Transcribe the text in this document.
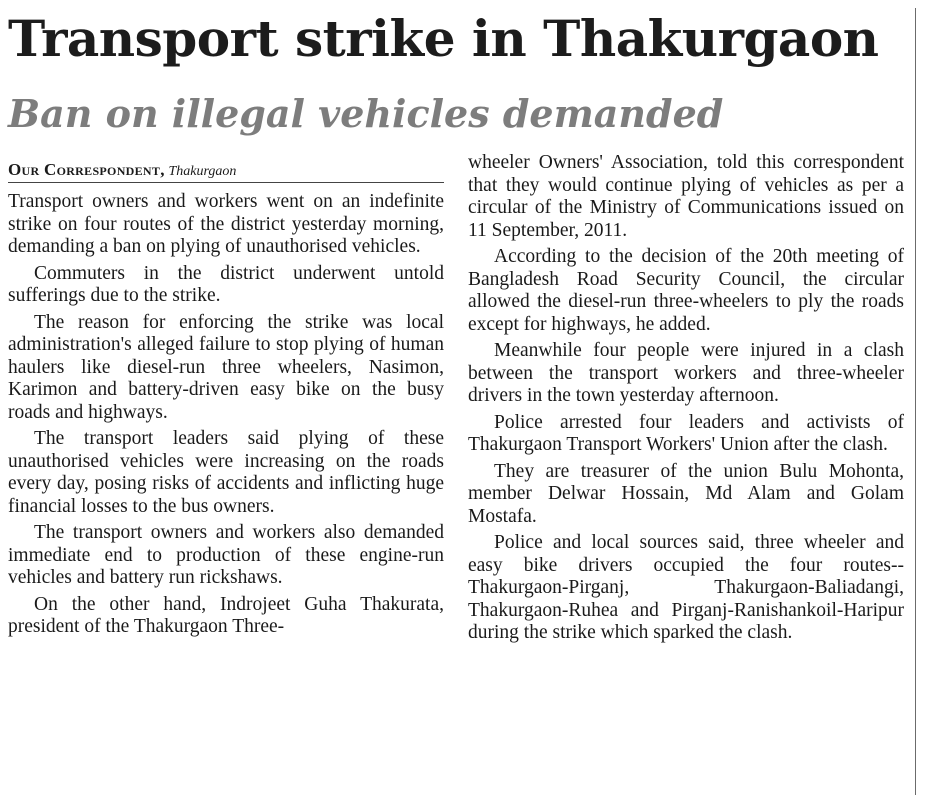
Transport strike in Thakurgaon
Ban on illegal vehicles demanded
Our Correspondent, Thakurgaon

Transport owners and workers went on an indefinite strike on four routes of the district yesterday morning, demanding a ban on plying of unauthorised vehicles.

Commuters in the district underwent untold sufferings due to the strike.

The reason for enforcing the strike was local administration's alleged failure to stop plying of human haulers like diesel-run three wheelers, Nasimon, Karimon and battery-driven easy bike on the busy roads and highways.

The transport leaders said plying of these unauthorised vehicles were increasing on the roads every day, posing risks of accidents and inflicting huge financial losses to the bus owners.

The transport owners and workers also demanded immediate end to production of these engine-run vehicles and battery run rickshaws.

On the other hand, Indrojeet Guha Thakurata, president of the Thakurgaon Three-

wheeler Owners' Association, told this correspondent that they would continue plying of vehicles as per a circular of the Ministry of Communications issued on 11 September, 2011.

According to the decision of the 20th meeting of Bangladesh Road Security Council, the circular allowed the diesel-run three-wheelers to ply the roads except for highways, he added.

Meanwhile four people were injured in a clash between the transport workers and three-wheeler drivers in the town yesterday afternoon.

Police arrested four leaders and activists of Thakurgaon Transport Workers' Union after the clash.

They are treasurer of the union Bulu Mohonta, member Delwar Hossain, Md Alam and Golam Mostafa.

Police and local sources said, three wheeler and easy bike drivers occupied the four routes-- Thakurgaon-Pirganj, Thakurgaon-Baliadangi, Thakurgaon-Ruhea and Pirganj-Ranishankoil-Haripur during the strike which sparked the clash.
